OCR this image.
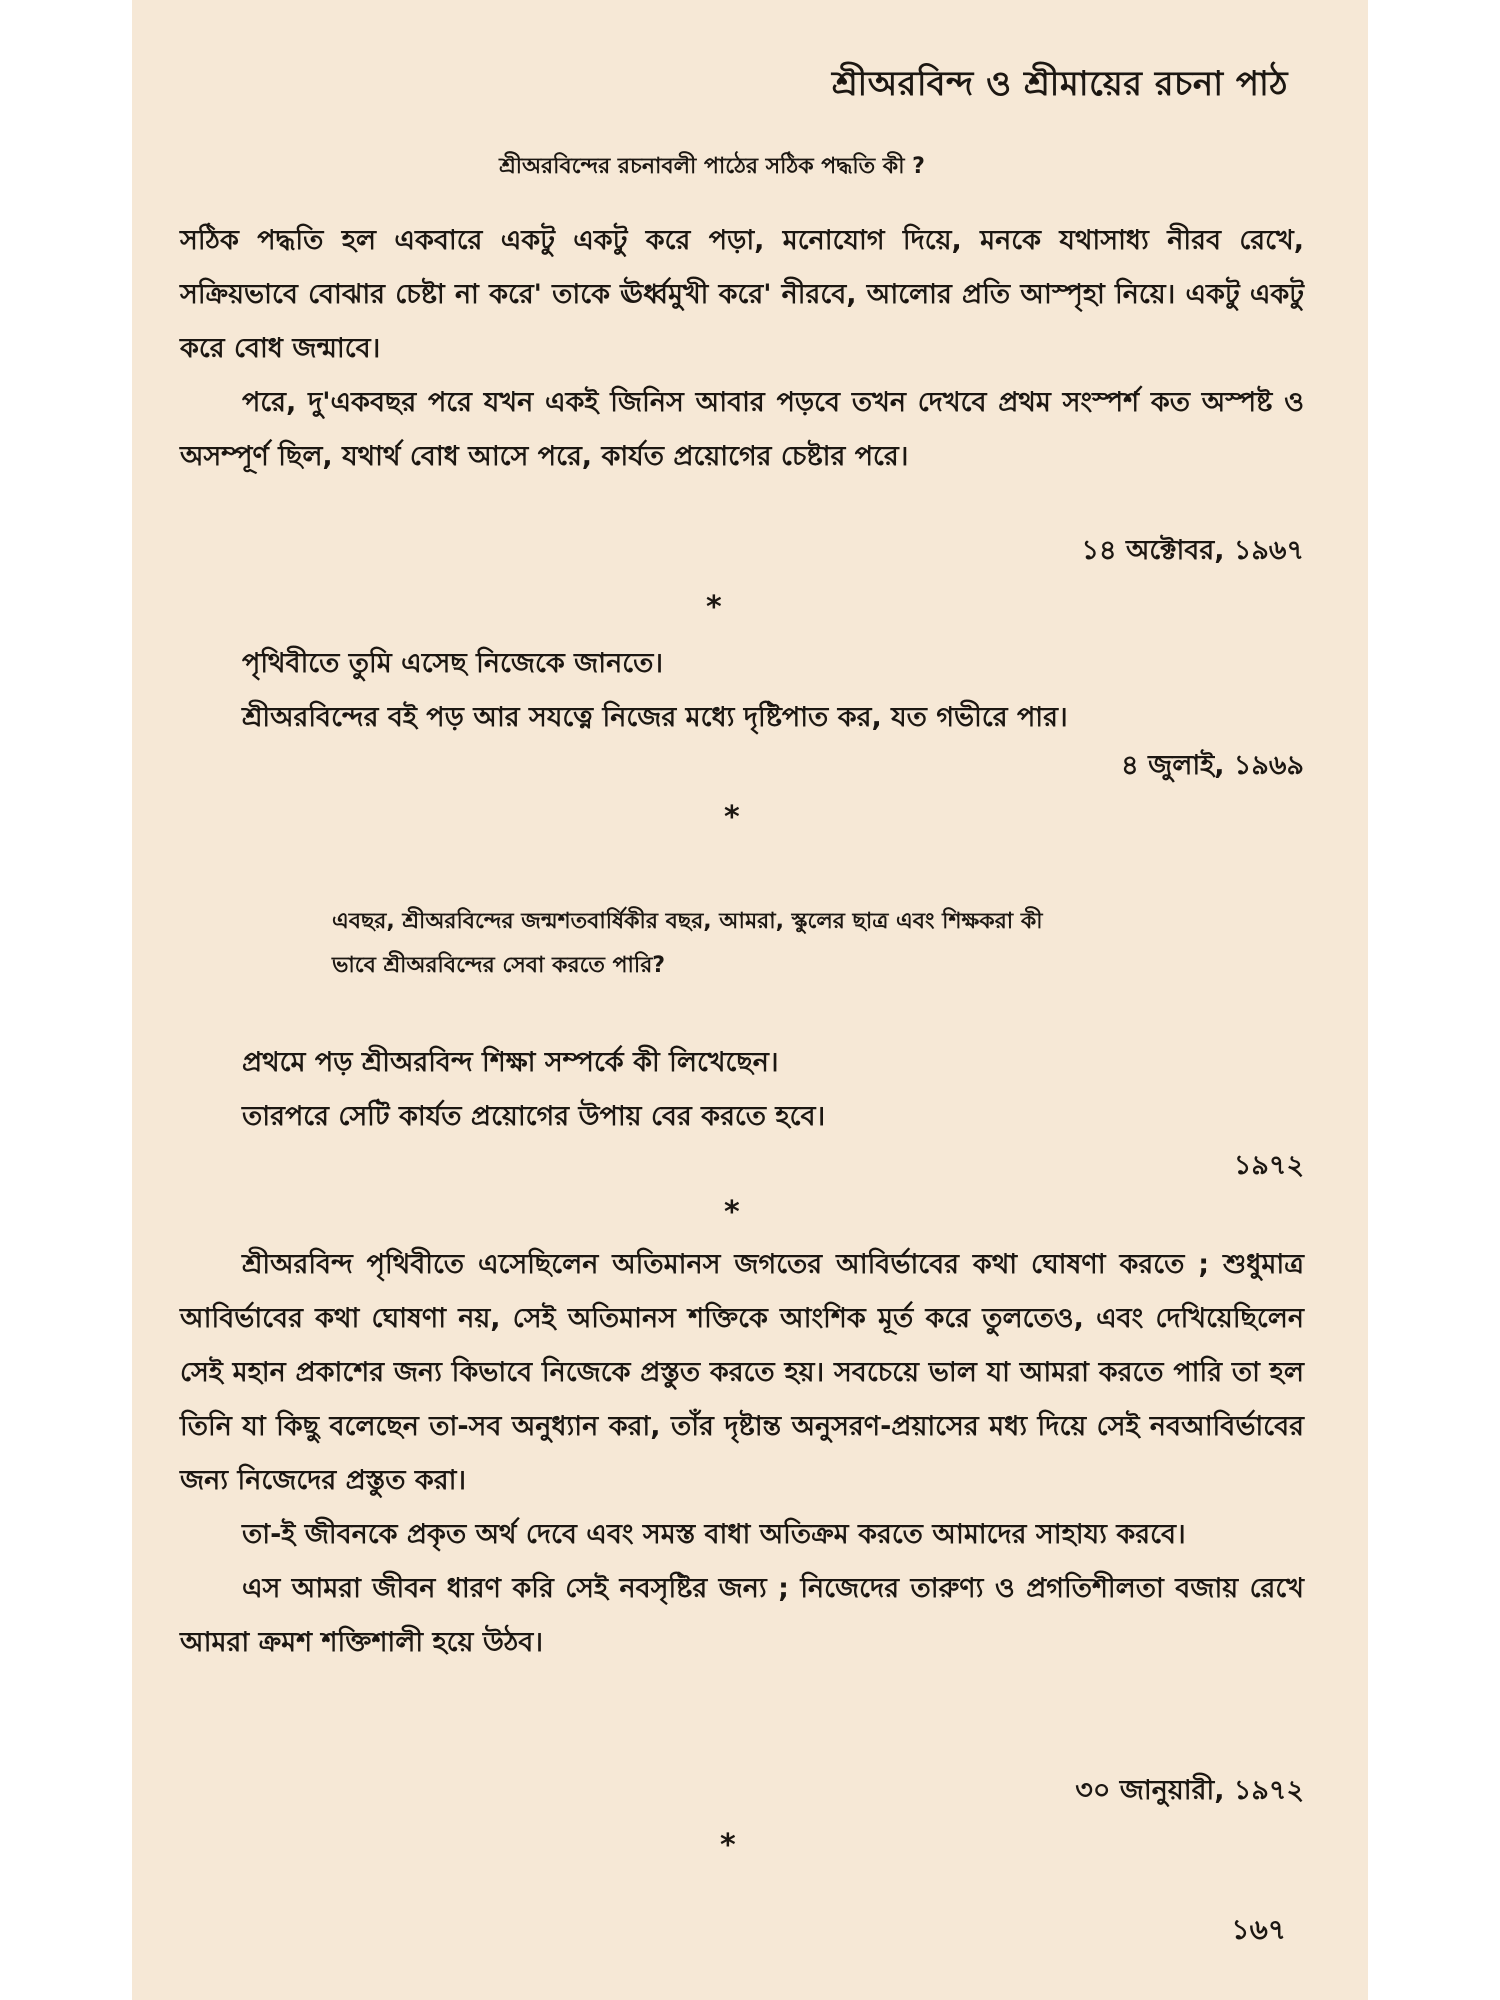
শ্রীঅরবিন্দ ও শ্রীমায়ের রচনা পাঠ
শ্রীঅরবিন্দের রচনাবলী পাঠের সঠিক পদ্ধতি কী ?

সঠিক পদ্ধতি হল একবারে একটু একটু করে পড়া, মনোযোগ দিয়ে, মনকে যথাসাধ্য নীরব রেখে, সক্রিয়ভাবে বোঝার চেষ্টা না করে' তাকে ঊর্ধ্বমুখী করে' নীরবে, আলোর প্রতি আস্পৃহা নিয়ে। একটু একটু করে বোধ জন্মাবে।

পরে, দু'একবছর পরে যখন একই জিনিস আবার পড়বে তখন দেখবে প্রথম সংস্পর্শ কত অস্পষ্ট ও অসম্পূর্ণ ছিল, যথার্থ বোধ আসে পরে, কার্যত প্রয়োগের চেষ্টার পরে।

১৪ অক্টোবর, ১৯৬৭
*

পৃথিবীতে তুমি এসেছ নিজেকে জানতে।

শ্রীঅরবিন্দের বই পড় আর সযত্নে নিজের মধ্যে দৃষ্টিপাত কর, যত গভীরে পার।

৪ জুলাই, ১৯৬৯
*
এবছর, শ্রীঅরবিন্দের জন্মশতবার্ষিকীর বছর, আমরা, স্কুলের ছাত্র এবং শিক্ষকরা কী
ভাবে শ্রীঅরবিন্দের সেবা করতে পারি?

প্রথমে পড় শ্রীঅরবিন্দ শিক্ষা সম্পর্কে কী লিখেছেন।

তারপরে সেটি কার্যত প্রয়োগের উপায় বের করতে হবে।

১৯৭২
*

শ্রীঅরবিন্দ পৃথিবীতে এসেছিলেন অতিমানস জগতের আবির্ভাবের কথা ঘোষণা করতে ; শুধুমাত্র আবির্ভাবের কথা ঘোষণা নয়, সেই অতিমানস শক্তিকে আংশিক মূর্ত করে তুলতেও, এবং দেখিয়েছিলেন সেই মহান প্রকাশের জন্য কিভাবে নিজেকে প্রস্তুত করতে হয়। সবচেয়ে ভাল যা আমরা করতে পারি তা হল তিনি যা কিছু বলেছেন তা-সব অনুধ্যান করা, তাঁর দৃষ্টান্ত অনুসরণ-প্রয়াসের মধ্য দিয়ে সেই নবআবির্ভাবের জন্য নিজেদের প্রস্তুত করা।

তা-ই জীবনকে প্রকৃত অর্থ দেবে এবং সমস্ত বাধা অতিক্রম করতে আমাদের সাহায্য করবে।

এস আমরা জীবন ধারণ করি সেই নবসৃষ্টির জন্য ; নিজেদের তারুণ্য ও প্রগতিশীলতা বজায় রেখে আমরা ক্রমশ শক্তিশালী হয়ে উঠব।

৩০ জানুয়ারী, ১৯৭২
*
১৬৭
